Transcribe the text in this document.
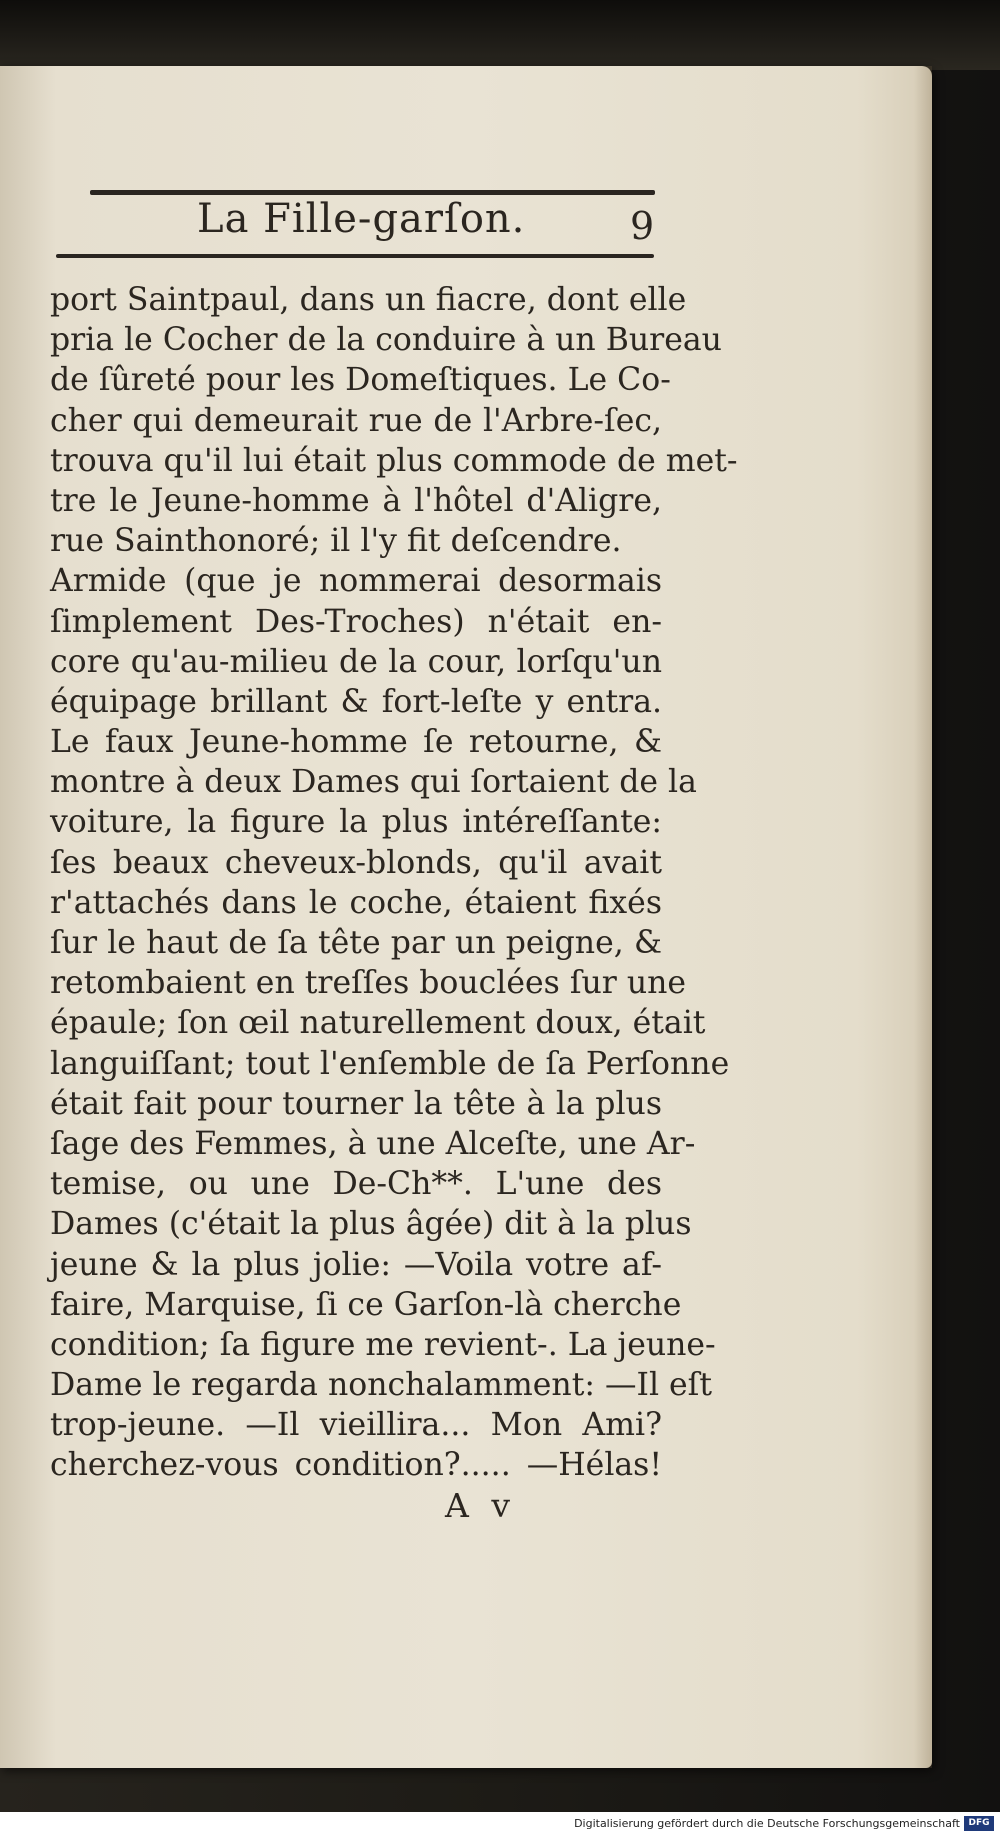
La Fille-garſon.	9
port Saintpaul, dans un fiacre, dont elle
pria le Cocher de la conduire à un Bureau
de ſûreté pour les Domeſtiques. Le Co-
cher qui demeurait rue de l'Arbre-ſec,
trouva qu'il lui était plus commode de met-
tre le Jeune-homme à l'hôtel d'Aligre,
rue Sainthonoré; il l'y fit deſcendre.
Armide (que je nommerai desormais
ſimplement Des-Troches) n'était en-
core qu'au-milieu de la cour, lorſqu'un
équipage brillant & fort-leſte y entra.
Le faux Jeune-homme ſe retourne, &
montre à deux Dames qui ſortaient de la
voiture, la figure la plus intéreſſante:
ſes beaux cheveux-blonds, qu'il avait
r'attachés dans le coche, étaient fixés
ſur le haut de ſa tête par un peigne, &
retombaient en treſſes bouclées ſur une
épaule; ſon œil naturellement doux, était
languiſſant; tout l'enſemble de ſa Perſonne
était fait pour tourner la tête à la plus
ſage des Femmes, à une Alceſte, une Ar-
temise, ou une De-Ch**. L'une des
Dames (c'était la plus âgée) dit à la plus
jeune & la plus jolie: —Voila votre af-
faire, Marquise, ſi ce Garſon-là cherche
condition; ſa figure me revient-. La jeune-
Dame le regarda nonchalamment: —Il eſt
trop-jeune. —Il vieillira... Mon Ami?
cherchez-vous condition?..... —Hélas!
A v
Digitalisierung gefördert durch die Deutsche Forschungsgemeinschaft DFG
